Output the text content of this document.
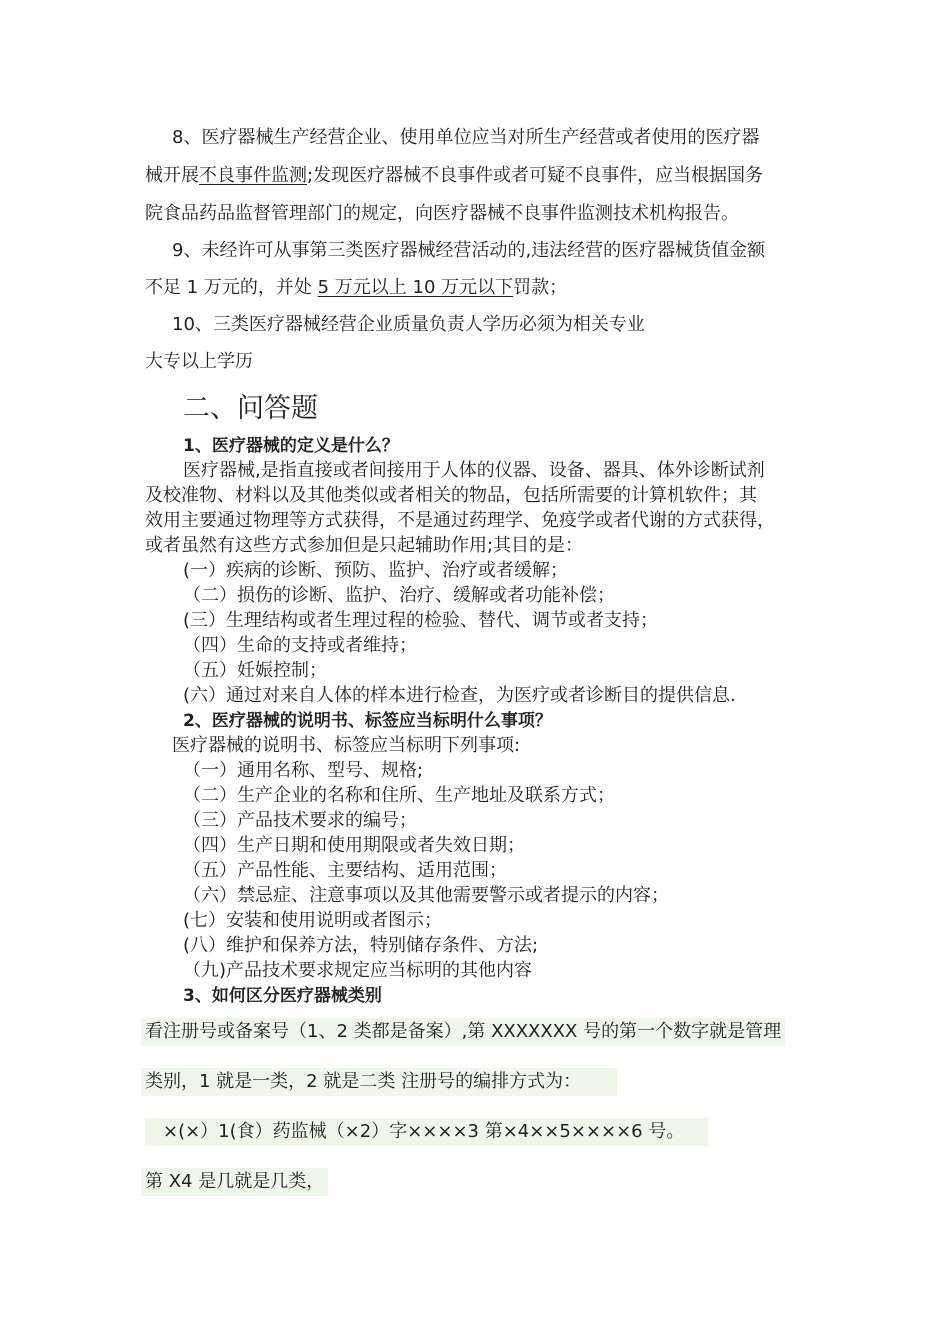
8、医疗器械生产经营企业、使用单位应当对所生产经营或者使用的医疗器
械开展不良事件监测;发现医疗器械不良事件或者可疑不良事件，应当根据国务
院食品药品监督管理部门的规定，向医疗器械不良事件监测技术机构报告。
9、未经许可从事第三类医疗器械经营活动的,违法经营的医疗器械货值金额
不足 1 万元的，并处 5 万元以上 10 万元以下罚款；
10、三类医疗器械经营企业质量负责人学历必须为相关专业
大专以上学历
二、问答题
1、医疗器械的定义是什么？
医疗器械,是指直接或者间接用于人体的仪器、设备、器具、体外诊断试剂
及校准物、材料以及其他类似或者相关的物品，包括所需要的计算机软件；其
效用主要通过物理等方式获得，不是通过药理学、免疫学或者代谢的方式获得，
或者虽然有这些方式参加但是只起辅助作用;其目的是：
(一）疾病的诊断、预防、监护、治疗或者缓解；
（二）损伤的诊断、监护、治疗、缓解或者功能补偿；
(三）生理结构或者生理过程的检验、替代、调节或者支持；
（四）生命的支持或者维持；
（五）妊娠控制；
(六）通过对来自人体的样本进行检查，为医疗或者诊断目的提供信息.
2、医疗器械的说明书、标签应当标明什么事项？
医疗器械的说明书、标签应当标明下列事项:
（一）通用名称、型号、规格;
（二）生产企业的名称和住所、生产地址及联系方式；
（三）产品技术要求的编号；
（四）生产日期和使用期限或者失效日期；
（五）产品性能、主要结构、适用范围；
（六）禁忌症、注意事项以及其他需要警示或者提示的内容；
(七）安装和使用说明或者图示；
(八）维护和保养方法，特别储存条件、方法;
（九)产品技术要求规定应当标明的其他内容
3、如何区分医疗器械类别
看注册号或备案号（1、2 类都是备案）,第 XXXXXXX 号的第一个数字就是管理
类别，1 就是一类，2 就是二类 注册号的编排方式为：
×(×）1(食）药监械（×2）字××××3 第×4××5××××6 号。
第 X4 是几就是几类，
